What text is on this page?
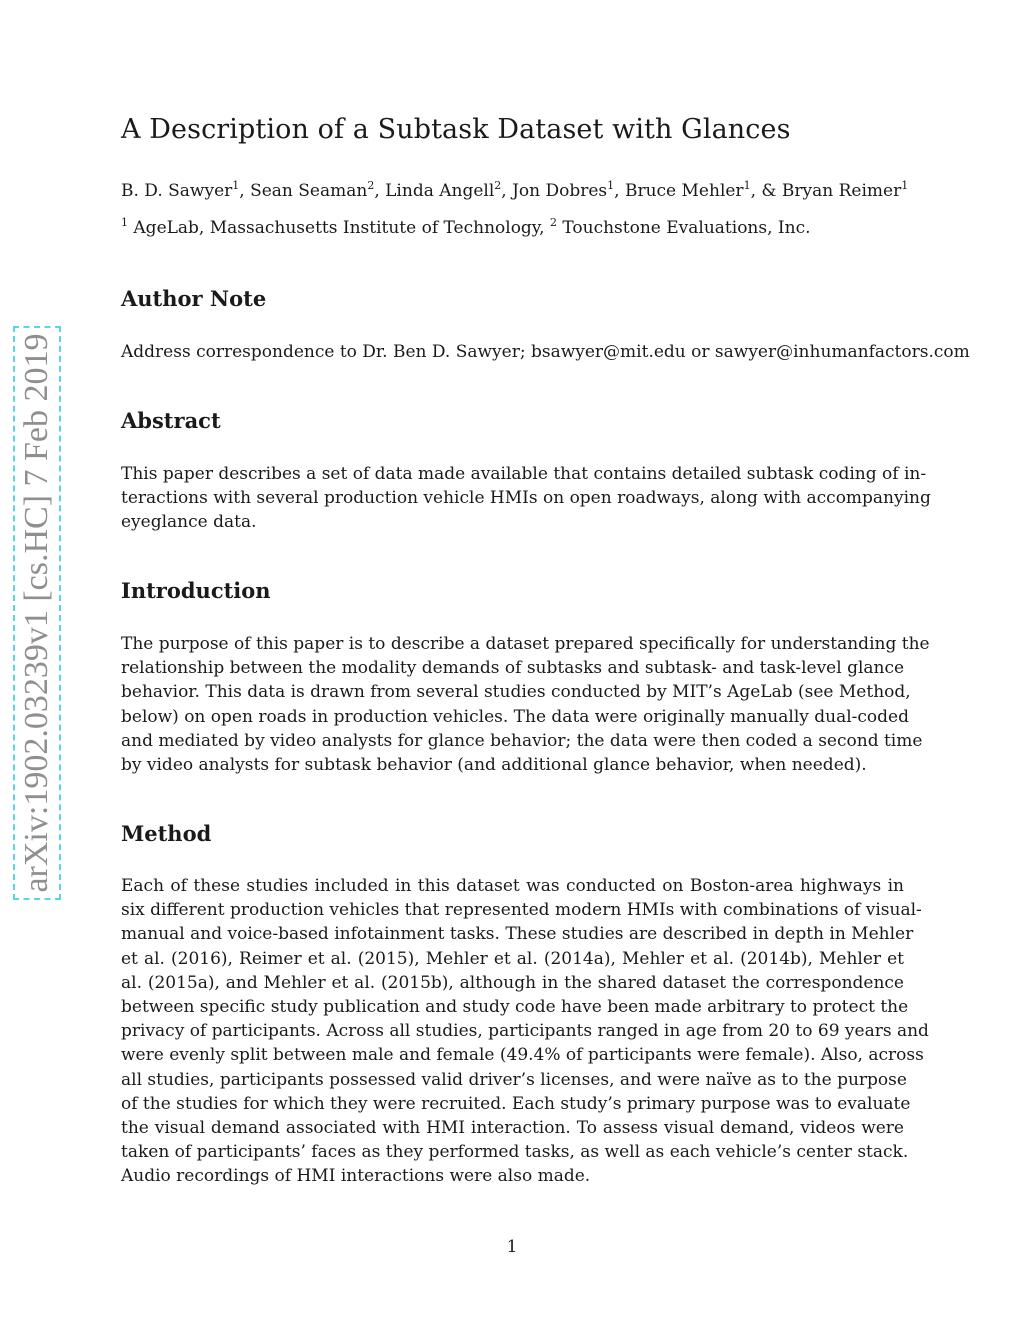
arXiv:1902.03239v1 [cs.HC] 7 Feb 2019
A Description of a Subtask Dataset with Glances
B. D. Sawyer$^1$, Sean Seaman$^2$, Linda Angell$^2$, Jon Dobres$^1$, Bruce Mehler$^1$, & Bryan Reimer$^1$
$^1$ AgeLab, Massachusetts Institute of Technology, $^2$ Touchstone Evaluations, Inc.
Author Note

Address correspondence to Dr. Ben D. Sawyer; bsawyer@mit.edu or sawyer@inhumanfactors.com

Abstract

This paper describes a set of data made available that contains detailed subtask coding of in-
teractions with several production vehicle HMIs on open roadways, along with accompanying
eyeglance data.

Introduction

The purpose of this paper is to describe a dataset prepared specifically for understanding the
relationship between the modality demands of subtasks and subtask- and task-level glance
behavior. This data is drawn from several studies conducted by MIT’s AgeLab (see Method,
below) on open roads in production vehicles. The data were originally manually dual-coded
and mediated by video analysts for glance behavior; the data were then coded a second time
by video analysts for subtask behavior (and additional glance behavior, when needed).

Method

Each of these studies included in this dataset was conducted on Boston-area highways in
six different production vehicles that represented modern HMIs with combinations of visual-
manual and voice-based infotainment tasks. These studies are described in depth in Mehler
et al. (2016), Reimer et al. (2015), Mehler et al. (2014a), Mehler et al. (2014b), Mehler et
al. (2015a), and Mehler et al. (2015b), although in the shared dataset the correspondence
between specific study publication and study code have been made arbitrary to protect the
privacy of participants. Across all studies, participants ranged in age from 20 to 69 years and
were evenly split between male and female (49.4% of participants were female). Also, across
all studies, participants possessed valid driver’s licenses, and were naïve as to the purpose
of the studies for which they were recruited. Each study’s primary purpose was to evaluate
the visual demand associated with HMI interaction. To assess visual demand, videos were
taken of participants’ faces as they performed tasks, as well as each vehicle’s center stack.
Audio recordings of HMI interactions were also made.

1
